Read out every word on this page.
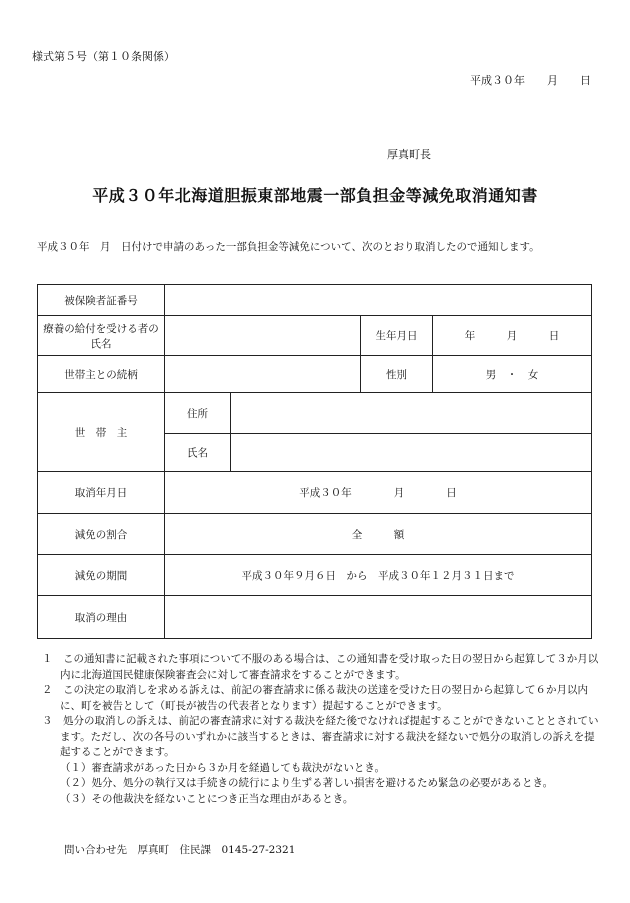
様式第５号（第１０条関係）
平成３０年　　月　　日
厚真町長
平成３０年北海道胆振東部地震一部負担金等減免取消通知書
平成３０年　月　日付けで申請のあった一部負担金等減免について、次のとおり取消したので通知します。
被保険者証番号				
療養の給付を受ける者の氏名			生年月日	年　　　月　　　日
世帯主との続柄			性別	男　・　女
世　帯　主	住所			
	氏名			
取消年月日	平成３０年　　　　月　　　　日			
減免の割合	全　　　額			
減免の期間	平成３０年９月６日　から　平成３０年１２月３１日まで			
取消の理由				

１　この通知書に記載された事項について不服のある場合は、この通知書を受け取った日の翌日から起算して３か月以内に北海道国民健康保険審査会に対して審査請求をすることができます。

２　この決定の取消しを求める訴えは、前記の審査請求に係る裁決の送達を受けた日の翌日から起算して６か月以内に、町を被告として（町長が被告の代表者となります）提起することができます。

３　処分の取消しの訴えは、前記の審査請求に対する裁決を経た後でなければ提起することができないこととされています。ただし、次の各号のいずれかに該当するときは、審査請求に対する裁決を経ないで処分の取消しの訴えを提起することができます。

（１）審査請求があった日から３か月を経過しても裁決がないとき。

（２）処分、処分の執行又は手続きの続行により生ずる著しい損害を避けるため緊急の必要があるとき。

（３）その他裁決を経ないことにつき正当な理由があるとき。

問い合わせ先　厚真町　住民課　0145-27-2321
